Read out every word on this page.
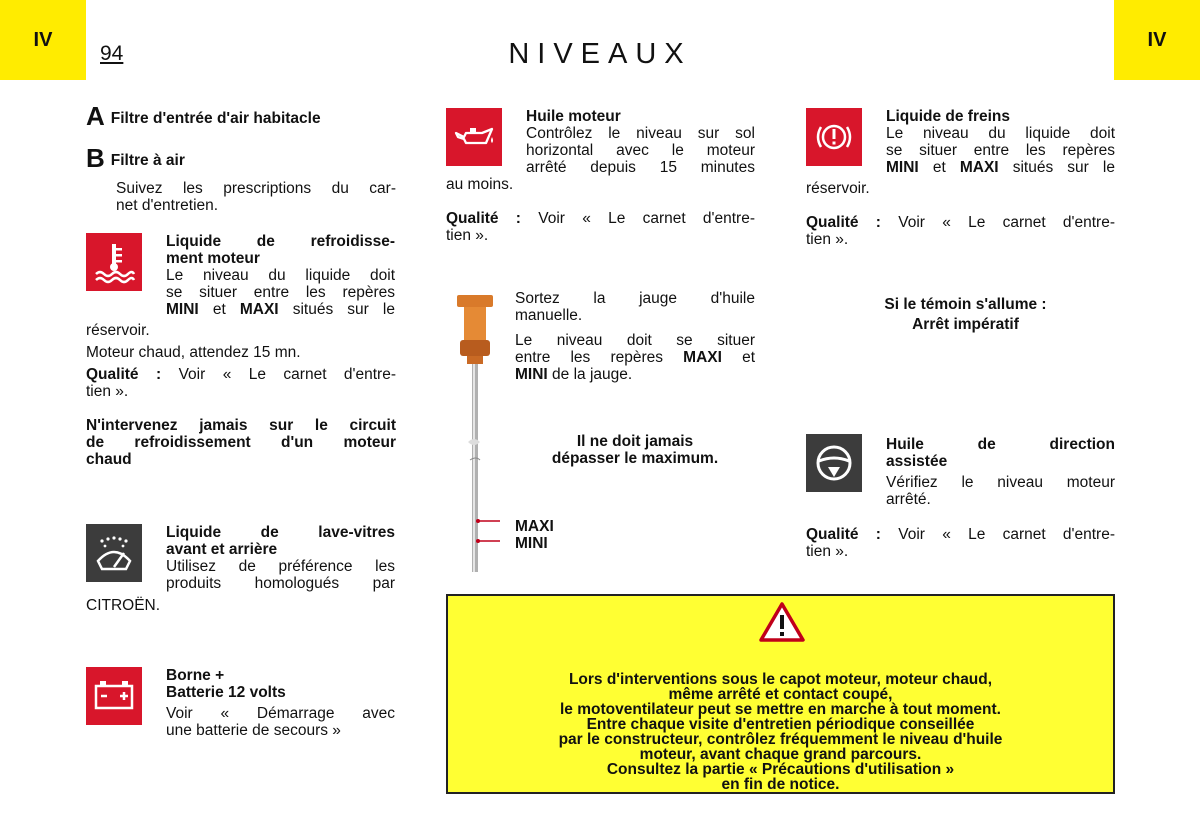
IV	IV
94	NIVEAUX
A Filtre d'entrée d'air habitacle
B Filtre à air

Suivez les prescriptions du car-

net d'entretien.

Liquide de refroidisse-

ment moteur

Le niveau du liquide doit

se situer entre les repères

MINI et MAXI situés sur le

réservoir.

Moteur chaud, attendez 15 mn.

Qualité : Voir « Le carnet d'entre-

tien ».

N'intervenez jamais sur le circuit

de refroidissement d'un moteur

chaud

Liquide de lave-vitres

avant et arrière

Utilisez de préférence les

produits homologués par

CITROËN.

Borne +

Batterie 12 volts

Voir « Démarrage avec

une batterie de secours »

Huile moteur

Contrôlez le niveau sur sol

horizontal avec le moteur

arrêté depuis 15 minutes

au moins.

Qualité : Voir « Le carnet d'entre-

tien ».

Sortez la jauge d'huile

manuelle.

Le niveau doit se situer

entre les repères MAXI et

MINI de la jauge.

Il ne doit jamais

dépasser le maximum.

MAXI

MINI

Liquide de freins

Le niveau du liquide doit

se situer entre les repères

MINI et MAXI situés sur le

réservoir.

Qualité : Voir « Le carnet d'entre-

tien ».

Si le témoin s'allume :

Arrêt impératif

Huile de direction

assistée

Vérifiez le niveau moteur

arrêté.

Qualité : Voir « Le carnet d'entre-

tien ».

Lors d'interventions sous le capot moteur, moteur chaud,

même arrêté et contact coupé,

le motoventilateur peut se mettre en marche à tout moment.

Entre chaque visite d'entretien périodique conseillée

par le constructeur, contrôlez fréquemment le niveau d'huile

moteur, avant chaque grand parcours.

Consultez la partie « Précautions d'utilisation »

en fin de notice.
